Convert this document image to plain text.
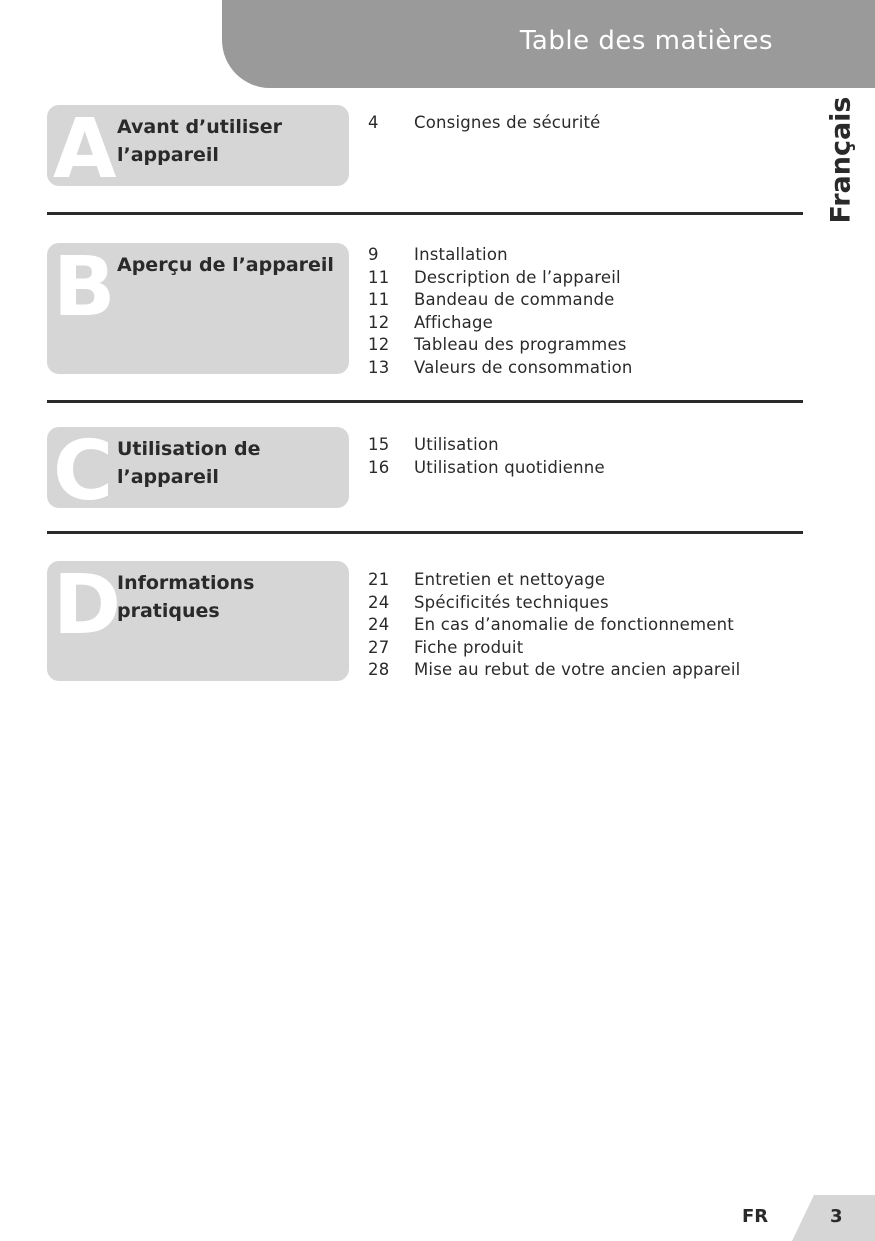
Table des matières
Français
A Avant d’utiliser l’appareil
4	Consignes de sécurité
B Aperçu de l’appareil	9	Installation
11	Description de l’appareil
11	Bandeau de commande
12	Affichage
12	Tableau des programmes
13	Valeurs de consommation
C Utilisation de l’appareil
15	Utilisation
16	Utilisation quotidienne
D
Informations pratiques
21	Entretien et nettoyage
24	Spécificités techniques
24	En cas d’anomalie de fonctionnement
27	Fiche produit
28	Mise au rebut de votre ancien appareil
FR	3
